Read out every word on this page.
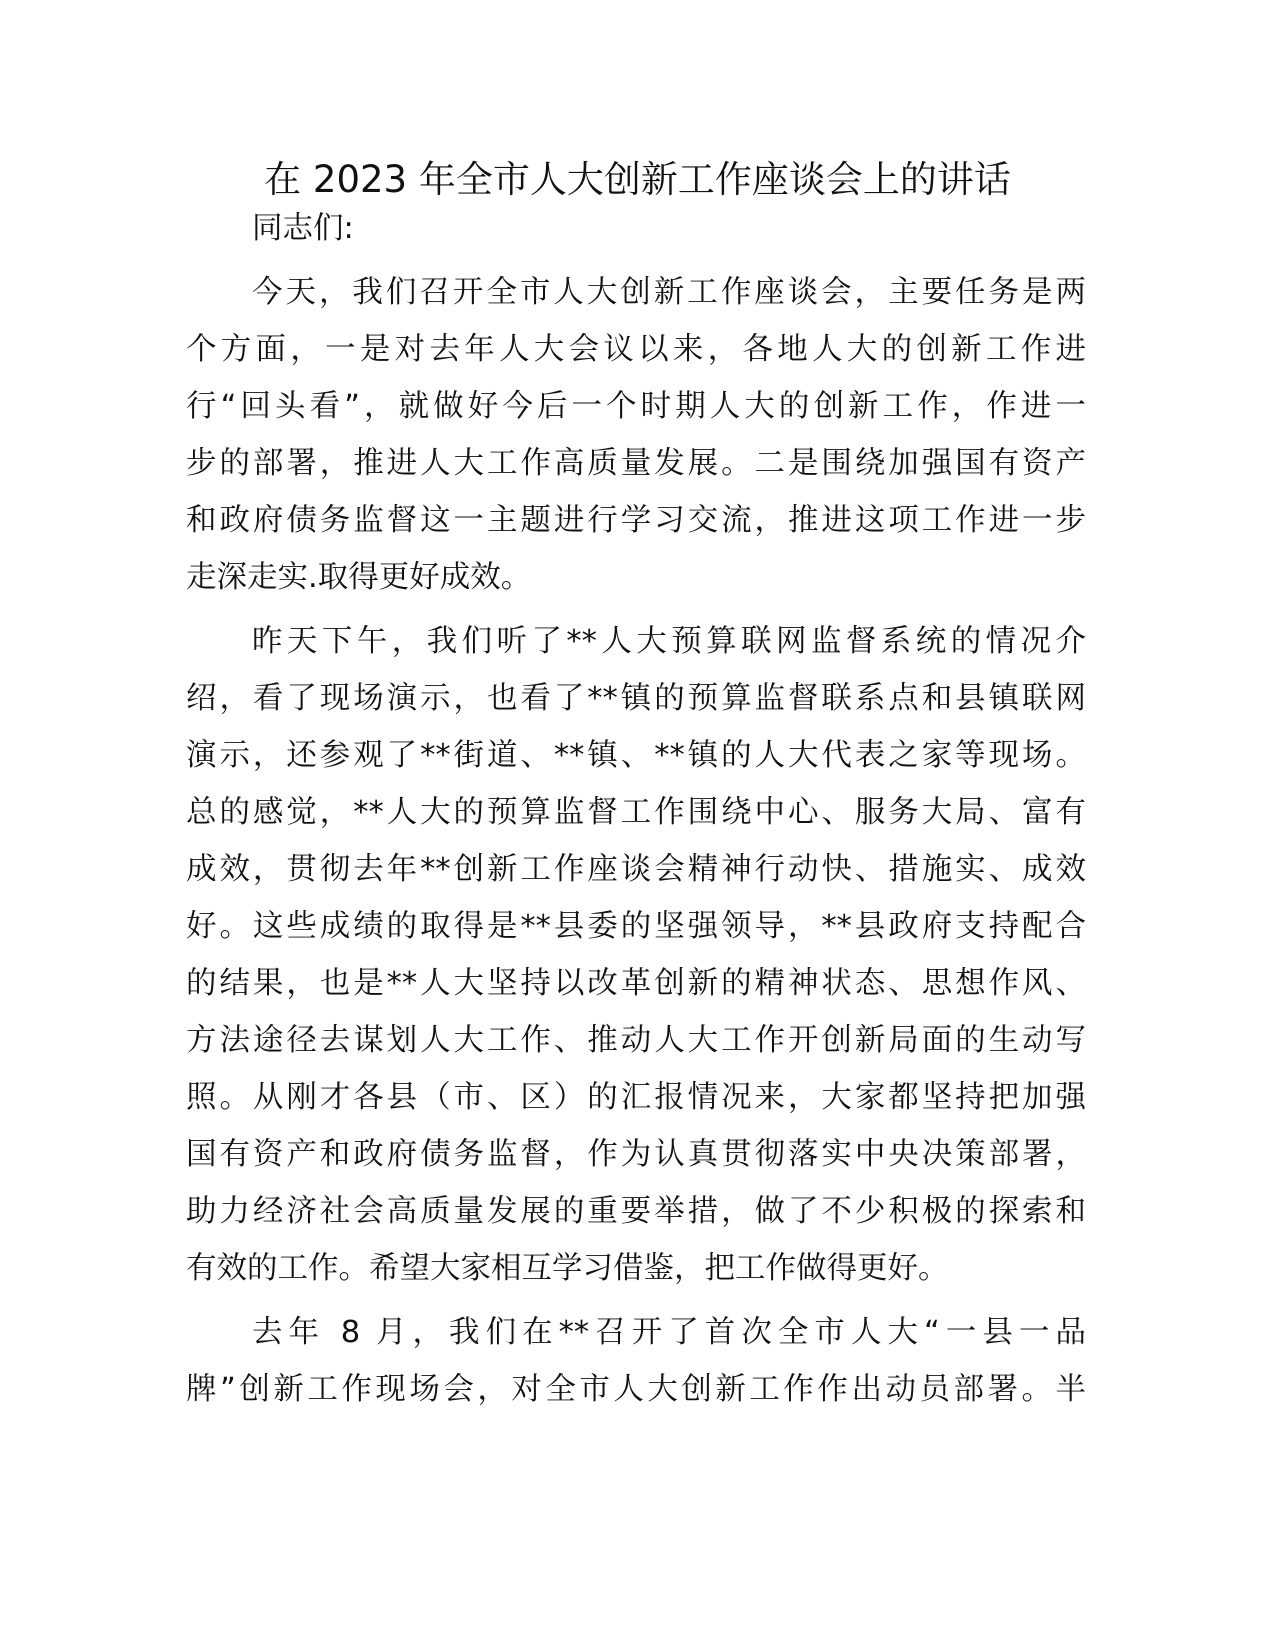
在 2023 年全市人大创新工作座谈会上的讲话
同志们:
今天，我们召开全市人大创新工作座谈会，主要任务是两
个方面，一是对去年人大会议以来，各地人大的创新工作进
行“回头看”，就做好今后一个时期人大的创新工作，作进一
步的部署，推进人大工作高质量发展。二是围绕加强国有资产
和政府债务监督这一主题进行学习交流，推进这项工作进一步
走深走实.取得更好成效。
昨天下午，我们听了**人大预算联网监督系统的情况介
绍，看了现场演示，也看了**镇的预算监督联系点和县镇联网
演示，还参观了**街道、**镇、**镇的人大代表之家等现场。
总的感觉，**人大的预算监督工作围绕中心、服务大局、富有
成效，贯彻去年**创新工作座谈会精神行动快、措施实、成效
好。这些成绩的取得是**县委的坚强领导，**县政府支持配合
的结果，也是**人大坚持以改革创新的精神状态、思想作风、
方法途径去谋划人大工作、推动人大工作开创新局面的生动写
照。从刚才各县（市、区）的汇报情况来，大家都坚持把加强
国有资产和政府债务监督，作为认真贯彻落实中央决策部署，
助力经济社会高质量发展的重要举措，做了不少积极的探索和
有效的工作。希望大家相互学习借鉴，把工作做得更好。
去年 8 月，我们在**召开了首次全市人大“一县一品
牌”创新工作现场会，对全市人大创新工作作出动员部署。半
